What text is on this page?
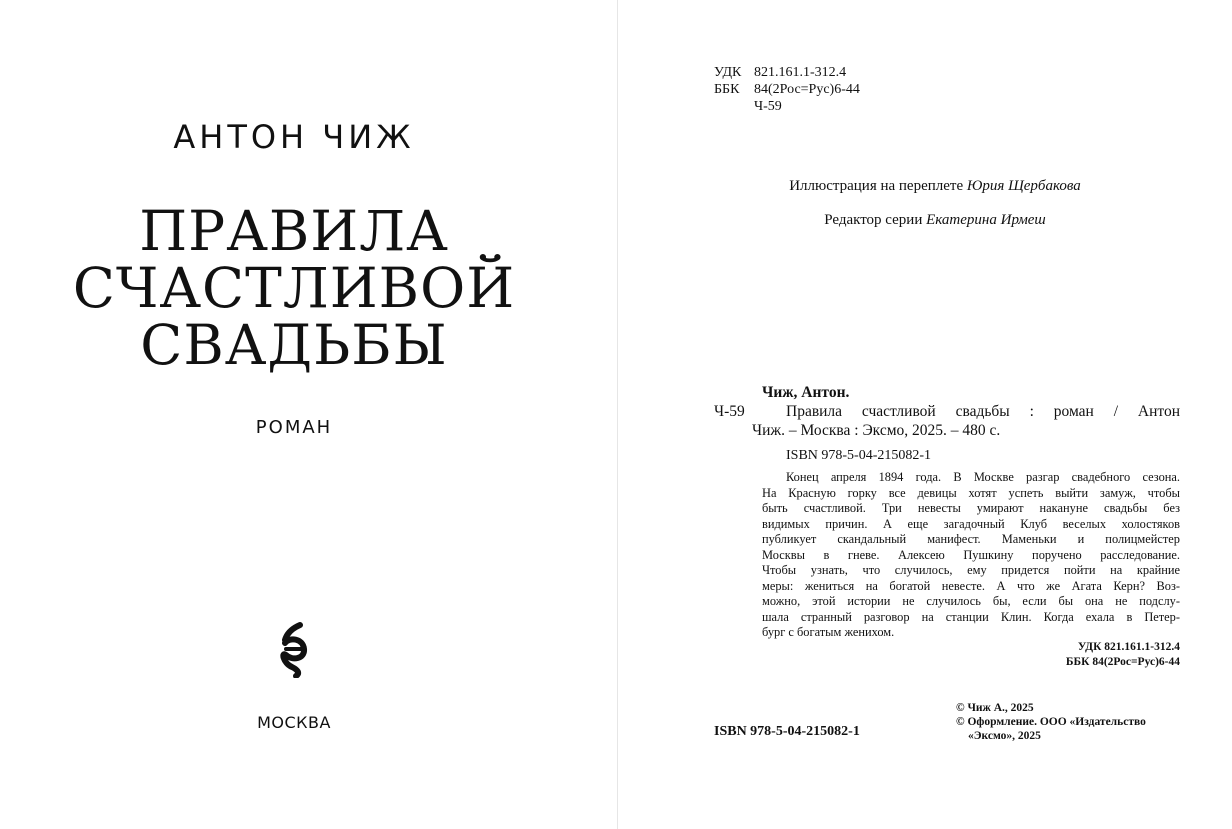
АНТОН ЧИЖ
ПРАВИЛА
СЧАСТЛИВОЙ
СВАДЬБЫ
РОМАН
МОСКВА
УДК 821.161.1-312.4
ББК	84(2Рос=Рус)6-44
Ч-59
Иллюстрация на переплете Юрия Щербакова
Редактор серии Екатерина Ирмеш
Чиж, Антон.
Ч-59	Правила счастливой свадьбы : роман / Антон
Чиж. – Москва : Эксмо, 2025. – 480 с.
ISBN 978-5-04-215082-1
Конец апреля 1894 года. В Москве разгар свадебного сезона.
На Красную горку все девицы хотят успеть выйти замуж, чтобы
быть счастливой. Три невесты умирают накануне свадьбы без
видимых причин. А еще загадочный Клуб веселых холостяков
публикует скандальный манифест. Маменьки и полицмейстер
Москвы в гневе. Алексею Пушкину поручено расследование.
Чтобы узнать, что случилось, ему придется пойти на крайние
меры: жениться на богатой невесте. А что же Агата Керн? Воз-
можно, этой истории не случилось бы, если бы она не подслу-
шала странный разговор на станции Клин. Когда ехала в Петер-
бург с богатым женихом.
УДК 821.161.1-312.4
ББК 84(2Рос=Рус)6-44
© Чиж А., 2025
© Оформление. ООО «Издательство
«Эксмо», 2025
ISBN 978-5-04-215082-1
